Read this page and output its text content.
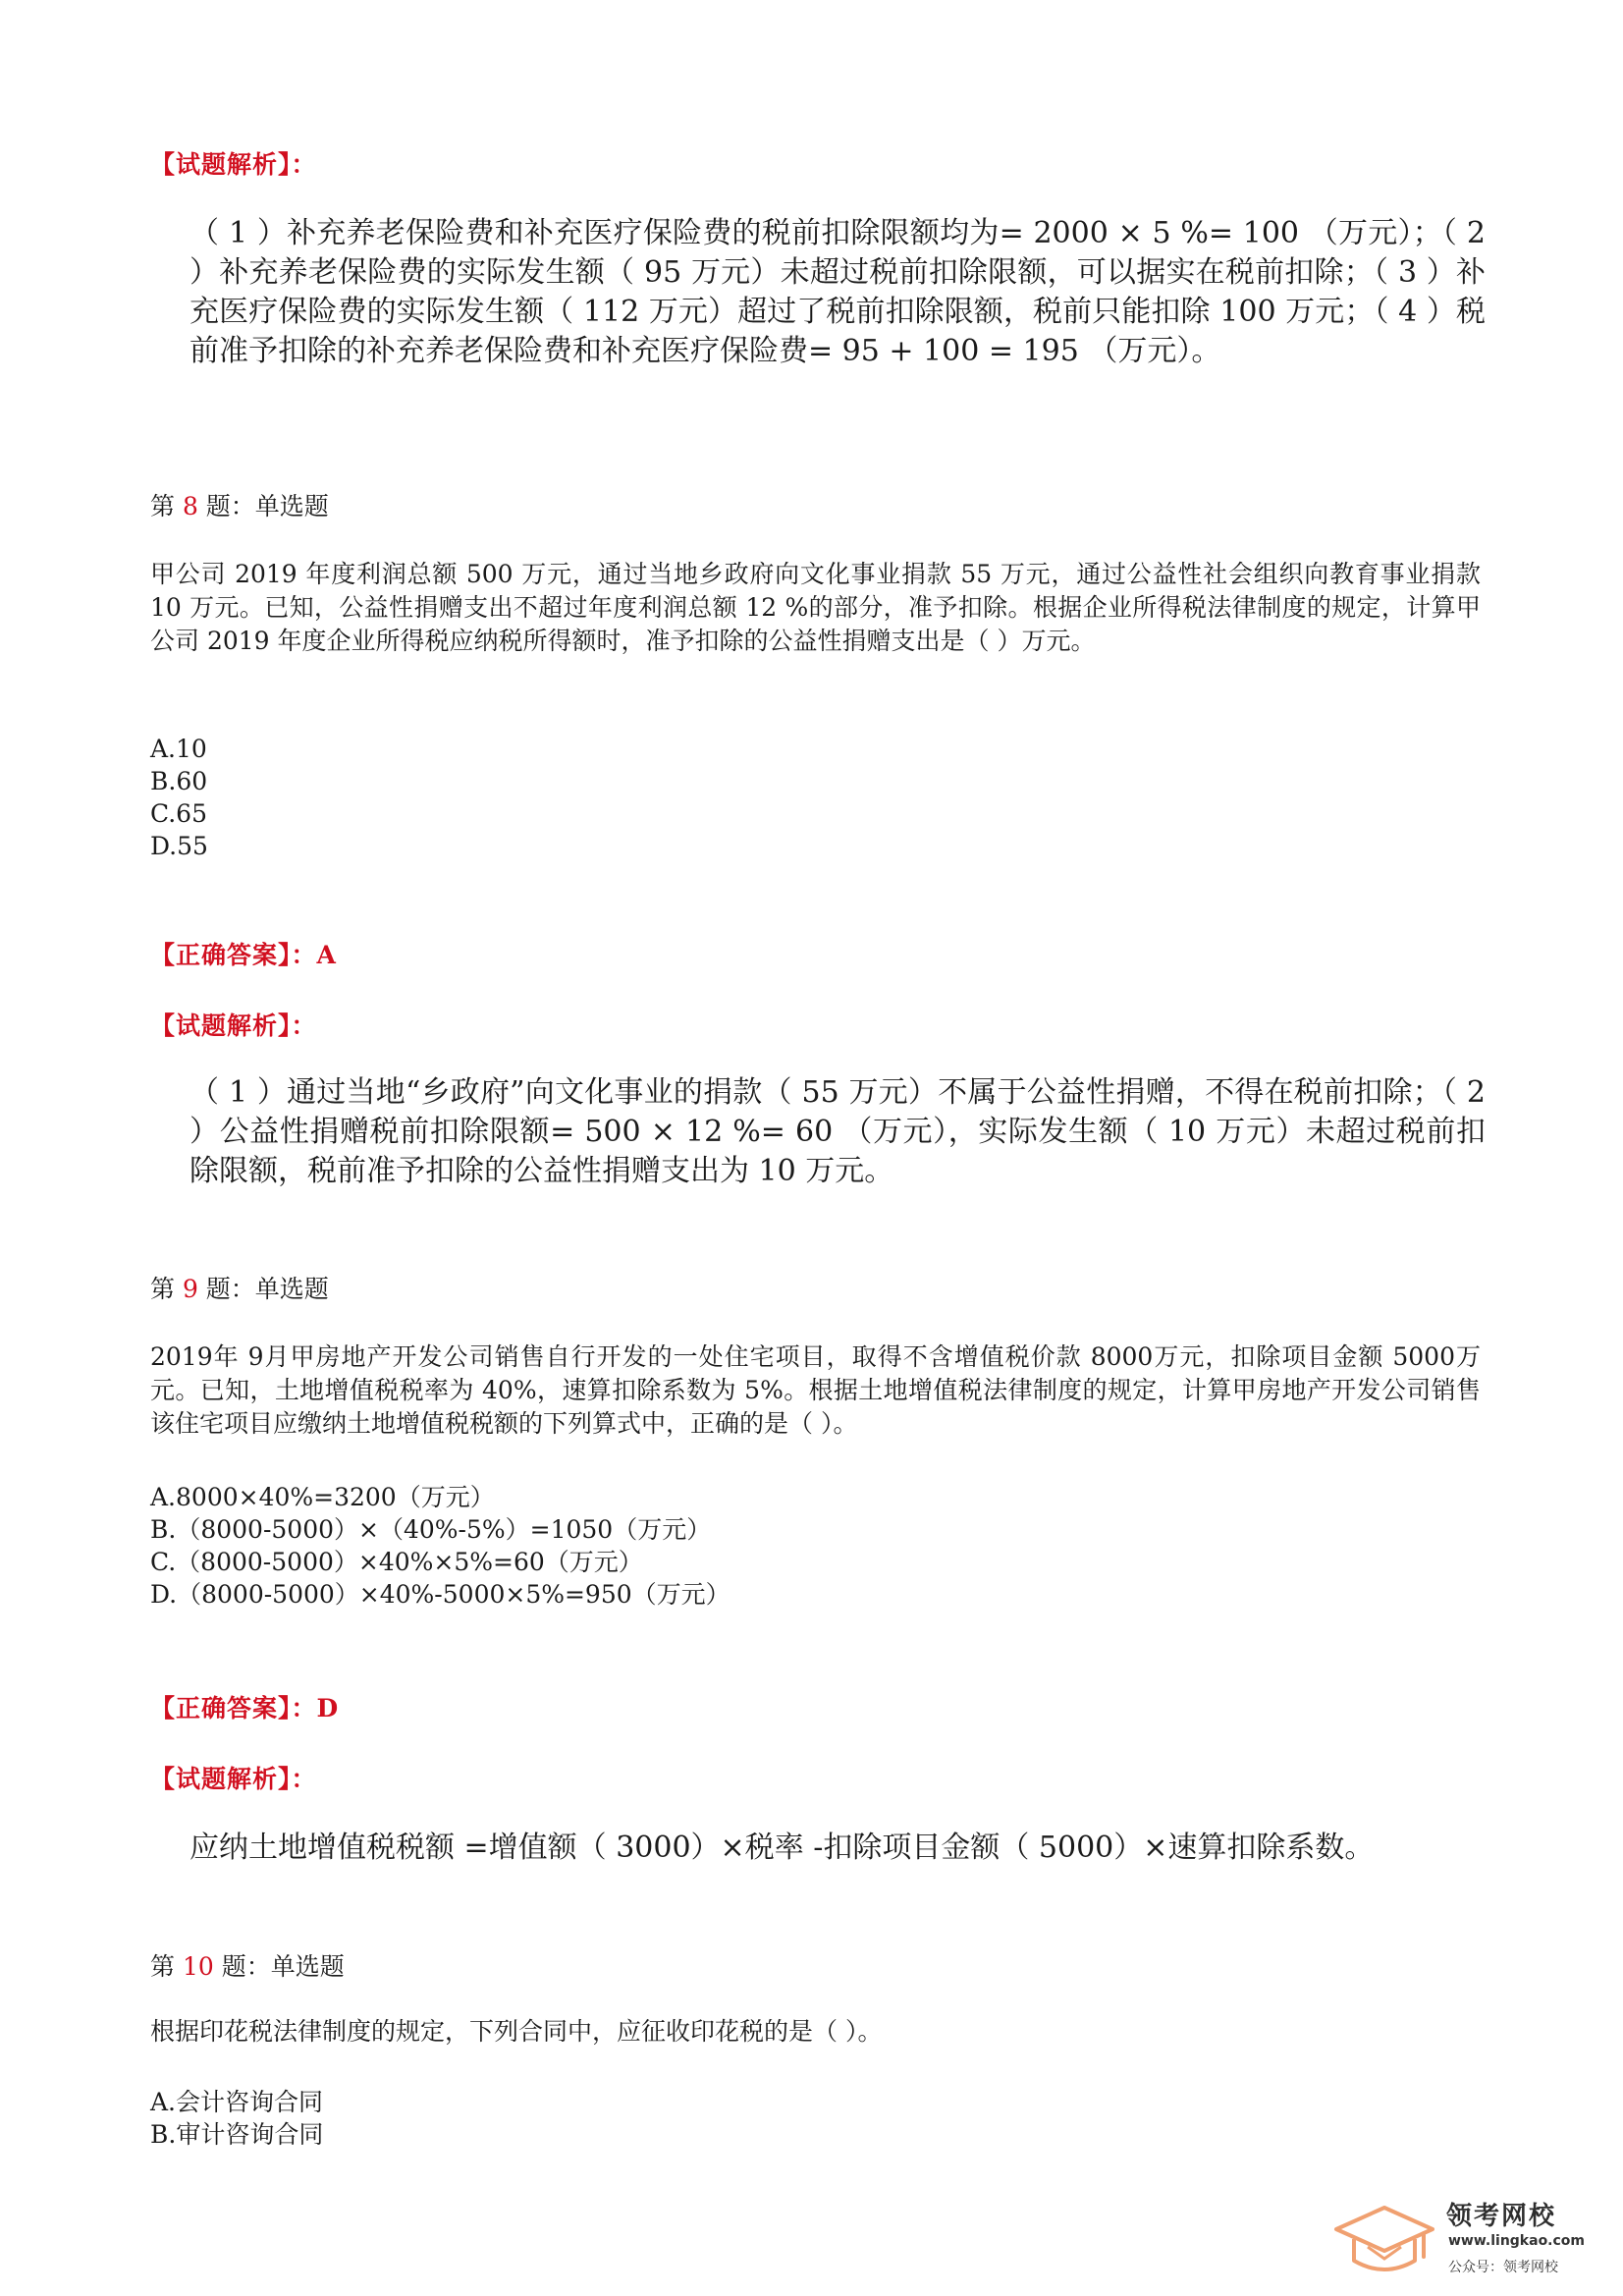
【试题解析】：
（ 1 ）补充养老保险费和补充医疗保险费的税前扣除限额均为= 2000 × 5 %= 100 （万元）；（ 2 ）补充养老保险费的实际发生额（ 95 万元）未超过税前扣除限额，可以据实在税前扣除；（ 3 ）补充医疗保险费的实际发生额（ 112 万元）超过了税前扣除限额，税前只能扣除 100 万元；（ 4 ）税前准予扣除的补充养老保险费和补充医疗保险费= 95 + 100 = 195 （万元）。
第 8 题：单选题
甲公司 2019 年度利润总额 500 万元，通过当地乡政府向文化事业捐款 55 万元，通过公益性社会组织向教育事业捐款 10 万元。已知，公益性捐赠支出不超过年度利润总额 12 %的部分，准予扣除。根据企业所得税法律制度的规定，计算甲公司 2019 年度企业所得税应纳税所得额时，准予扣除的公益性捐赠支出是（ ）万元。
A.10
B.60
C.65
D.55
【正确答案】：A
【试题解析】：
（ 1 ）通过当地“乡政府”向文化事业的捐款（ 55 万元）不属于公益性捐赠，不得在税前扣除；（ 2 ）公益性捐赠税前扣除限额= 500 × 12 %= 60 （万元），实际发生额（ 10 万元）未超过税前扣除限额，税前准予扣除的公益性捐赠支出为 10 万元。
第 9 题：单选题
2019年 9月甲房地产开发公司销售自行开发的一处住宅项目，取得不含增值税价款 8000万元，扣除项目金额 5000万元。已知，土地增值税税率为 40%，速算扣除系数为 5%。根据土地增值税法律制度的规定，计算甲房地产开发公司销售该住宅项目应缴纳土地增值税税额的下列算式中，正确的是（ ）。
A.8000×40%=3200（万元）
B.（8000-5000）×（40%-5%）=1050（万元）
C.（8000-5000）×40%×5%=60（万元）
D.（8000-5000）×40%-5000×5%=950（万元）
【正确答案】：D
【试题解析】：
应纳土地增值税税额 =增值额（ 3000）×税率 -扣除项目金额（ 5000）×速算扣除系数。
第 10 题：单选题
根据印花税法律制度的规定，下列合同中，应征收印花税的是（ ）。
A.会计咨询合同
B.审计咨询合同
领考网校
www.lingkao.com
公众号：领考网校
